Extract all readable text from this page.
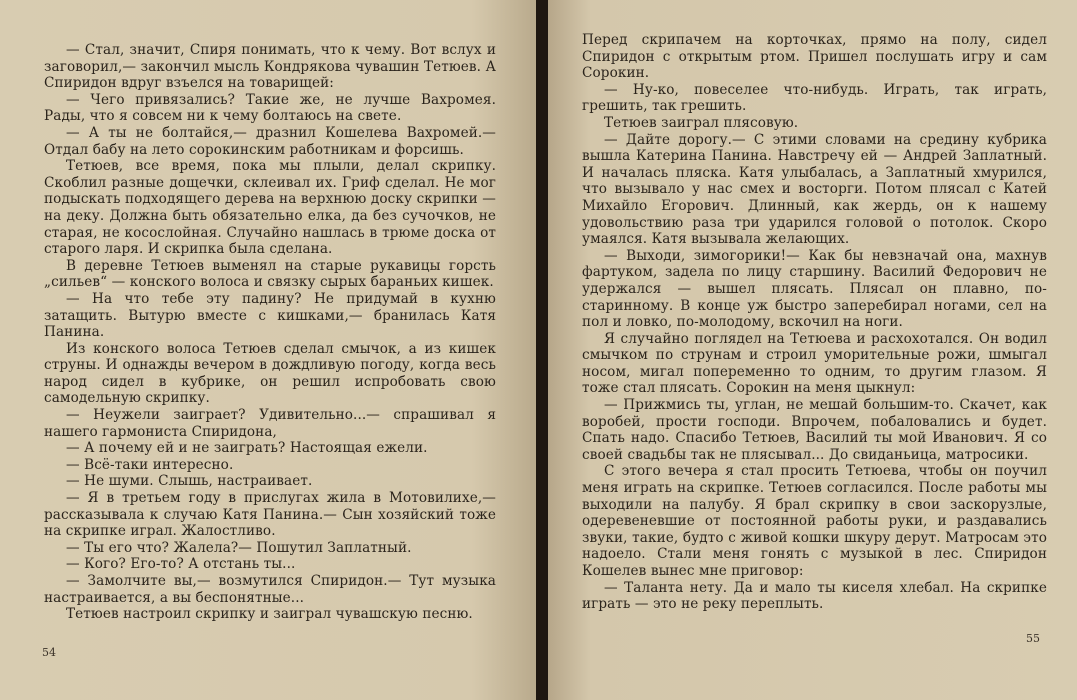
— Стал, значит, Спиря понимать, что к чему. Вот вслух и заговорил,— закончил мысль Кондрякова чувашин Тетюев. А Спиридон вдруг взъелся на товарищей:

— Чего привязались? Такие же, не лучше Вахромея. Рады, что я совсем ни к чему болтаюсь на свете.

— А ты не болтайся,— дразнил Кошелева Вахромей.— Отдал бабу на лето сорокинским работникам и форсишь.

Тетюев, все время, пока мы плыли, делал скрипку. Скоблил разные дощечки, склеивал их. Гриф сделал. Не мог подыскать подходящего дерева на верхнюю доску скрипки — на деку. Должна быть обязательно елка, да без сучочков, не старая, не косослойная. Случайно нашлась в трюме доска от старого ларя. И скрипка была сделана.

В деревне Тетюев выменял на старые рукавицы горсть „сильев“ — конского волоса и связку сырых бараньих кишек.

— На что тебе эту падину? Не придумай в кухню затащить. Вытурю вместе с кишками,— бранилась Катя Панина.

Из конского волоса Тетюев сделал смычок, а из кишек струны. И однажды вечером в дождливую погоду, когда весь народ сидел в кубрике, он решил испробовать свою самодельную скрипку.

— Неужели заиграет? Удивительно...— спрашивал я нашего гармониста Спиридона,

— А почему ей и не заиграть? Настоящая ежели.

— Всё-таки интересно.

— Не шуми. Слышь, настраивает.

— Я в третьем году в прислугах жила в Мотовилихе,— рассказывала к случаю Катя Панина.— Сын хозяйский тоже на скрипке играл. Жалостливо.

— Ты его что? Жалела?— Пошутил Заплатный.

— Кого? Его-то? А отстань ты...

— Замолчите вы,— возмутился Спиридон.— Тут музыка настраивается, а вы беспонятные...

Тетюев настроил скрипку и заиграл чувашскую песню.

54

Перед скрипачем на корточках, прямо на полу, сидел Спиридон с открытым ртом. Пришел послушать игру и сам Сорокин.

— Ну-ко, повеселее что-нибудь. Играть, так играть, грешить, так грешить.

Тетюев заиграл плясовую.

— Дайте дорогу.— С этими словами на средину кубрика вышла Катерина Панина. Навстречу ей — Андрей Заплатный. И началась пляска. Катя улыбалась, а Заплатный хмурился, что вызывало у нас смех и восторги. Потом плясал с Катей Михайло Егорович. Длинный, как жердь, он к нашему удовольствию раза три ударился головой о потолок. Скоро умаялся. Катя вызывала желающих.

— Выходи, зимогорики!— Как бы невзначай она, махнув фартуком, задела по лицу старшину. Василий Федорович не удержался — вышел плясать. Плясал он плавно, по-старинному. В конце уж быстро заперебирал ногами, сел на пол и ловко, по-молодому, вскочил на ноги.

Я случайно поглядел на Тетюева и расхохотался. Он водил смычком по струнам и строил уморительные рожи, шмыгал носом, мигал попеременно то одним, то другим глазом. Я тоже стал плясать. Сорокин на меня цыкнул:

— Прижмись ты, углан, не мешай большим-то. Скачет, как воробей, прости господи. Впрочем, побаловались и будет. Спать надо. Спасибо Тетюев, Василий ты мой Иванович. Я со своей свадьбы так не плясывал... До свиданьица, матросики.

С этого вечера я стал просить Тетюева, чтобы он поучил меня играть на скрипке. Тетюев согласился. После работы мы выходили на палубу. Я брал скрипку в свои заскорузлые, одеревеневшие от постоянной работы руки, и раздавались звуки, такие, будто с живой кошки шкуру дерут. Матросам это надоело. Стали меня гонять с музыкой в лес. Спиридон Кошелев вынес мне приговор:

— Таланта нету. Да и мало ты киселя хлебал. На скрипке играть — это не реку переплыть.

55
